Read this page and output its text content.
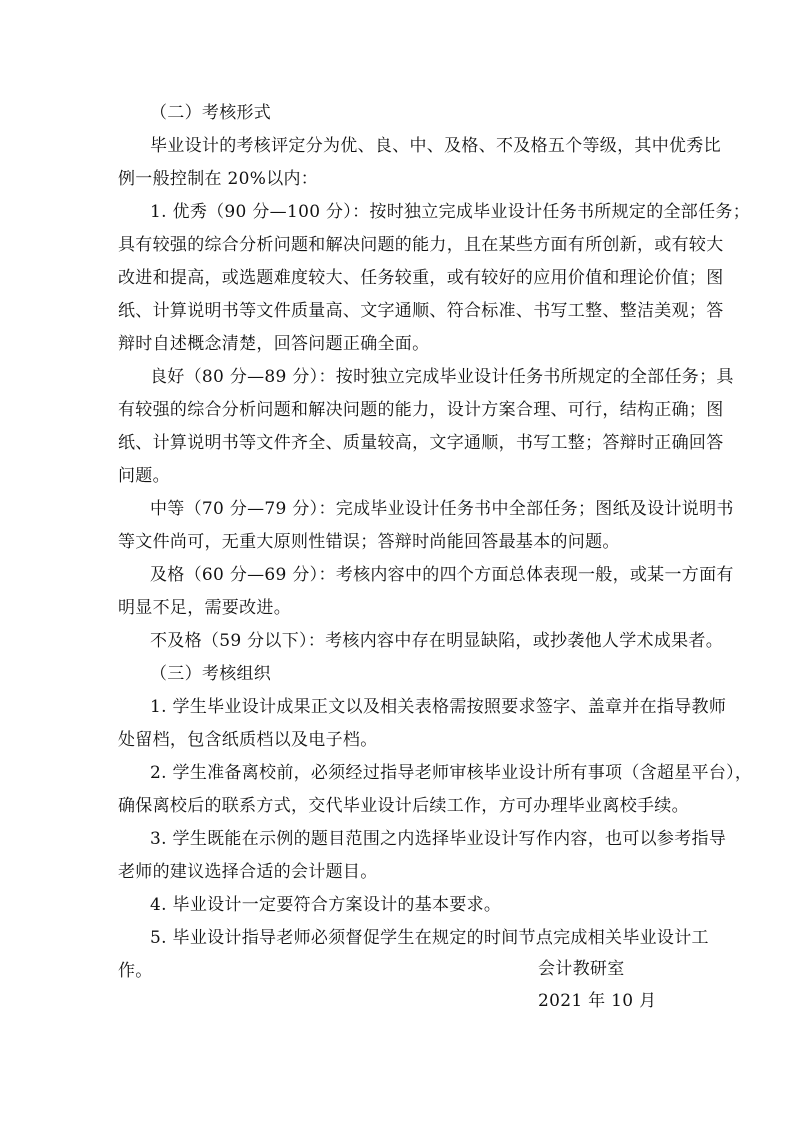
（二）考核形式
毕业设计的考核评定分为优、良、中、及格、不及格五个等级，其中优秀比
例一般控制在 20%以内：
1. 优秀（90 分—100 分）：按时独立完成毕业设计任务书所规定的全部任务；
具有较强的综合分析问题和解决问题的能力，且在某些方面有所创新，或有较大
改进和提高，或选题难度较大、任务较重，或有较好的应用价值和理论价值；图
纸、计算说明书等文件质量高、文字通顺、符合标准、书写工整、整洁美观；答
辩时自述概念清楚，回答问题正确全面。
良好（80 分—89 分）：按时独立完成毕业设计任务书所规定的全部任务；具
有较强的综合分析问题和解决问题的能力，设计方案合理、可行，结构正确；图
纸、计算说明书等文件齐全、质量较高，文字通顺，书写工整；答辩时正确回答
问题。
中等（70 分—79 分）：完成毕业设计任务书中全部任务；图纸及设计说明书
等文件尚可，无重大原则性错误；答辩时尚能回答最基本的问题。
及格（60 分—69 分）：考核内容中的四个方面总体表现一般，或某一方面有
明显不足，需要改进。
不及格（59 分以下）：考核内容中存在明显缺陷，或抄袭他人学术成果者。
（三）考核组织
1. 学生毕业设计成果正文以及相关表格需按照要求签字、盖章并在指导教师
处留档，包含纸质档以及电子档。
2. 学生准备离校前，必须经过指导老师审核毕业设计所有事项（含超星平台），
确保离校后的联系方式，交代毕业设计后续工作，方可办理毕业离校手续。
3. 学生既能在示例的题目范围之内选择毕业设计写作内容，也可以参考指导
老师的建议选择合适的会计题目。
4. 毕业设计一定要符合方案设计的基本要求。
5. 毕业设计指导老师必须督促学生在规定的时间节点完成相关毕业设计工
作。	会计教研室
2021 年 10 月
